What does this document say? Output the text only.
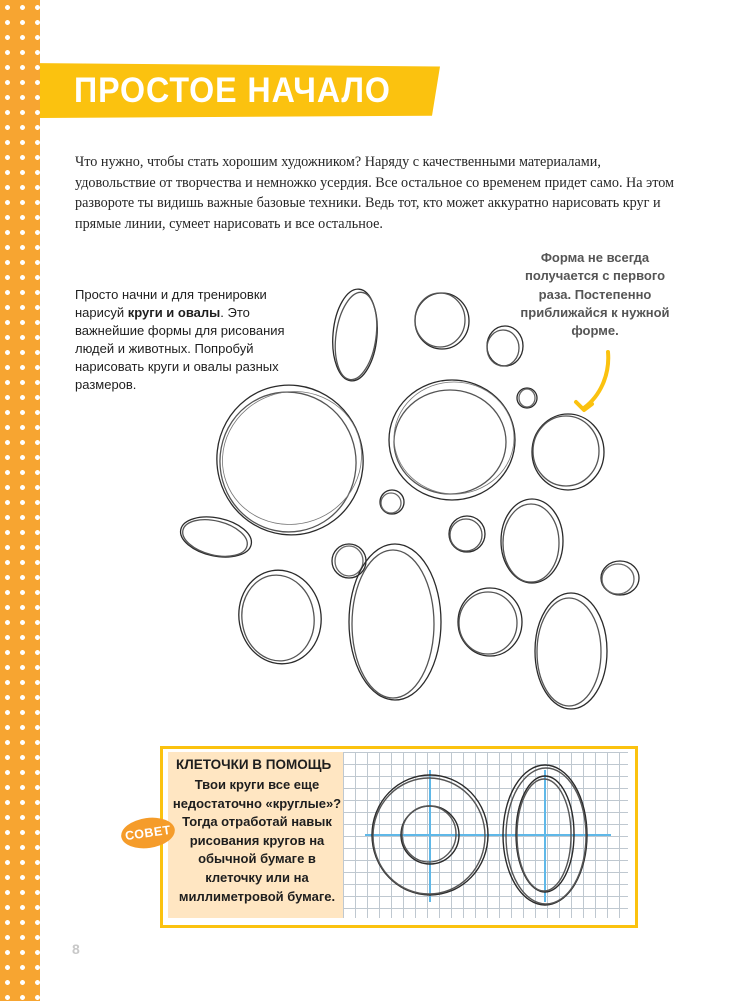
ПРОСТОЕ НАЧАЛО

Что нужно, чтобы стать хорошим художником? Наряду с качественными материалами, удовольствие от творчества и немножко усердия. Все остальное со временем придет само. На этом развороте ты видишь важные базовые техники. Ведь тот, кто может аккуратно нарисовать круг и прямые линии, сумеет нарисовать и все остальное.

Просто начни и для тренировки нарисуй круги и овалы. Это важнейшие формы для рисования людей и животных. Попробуй нарисовать круги и овалы разных размеров.

Форма не всегда получается с первого раза. Постепенно приближайся к нужной форме.

КЛЕТОЧКИ В ПОМОЩЬ

Твои круги все еще недостаточно «круглые»? Тогда отработай навык рисования кругов на обычной бумаге в клеточку или на миллиметровой бумаге.

СОВЕТ
8
